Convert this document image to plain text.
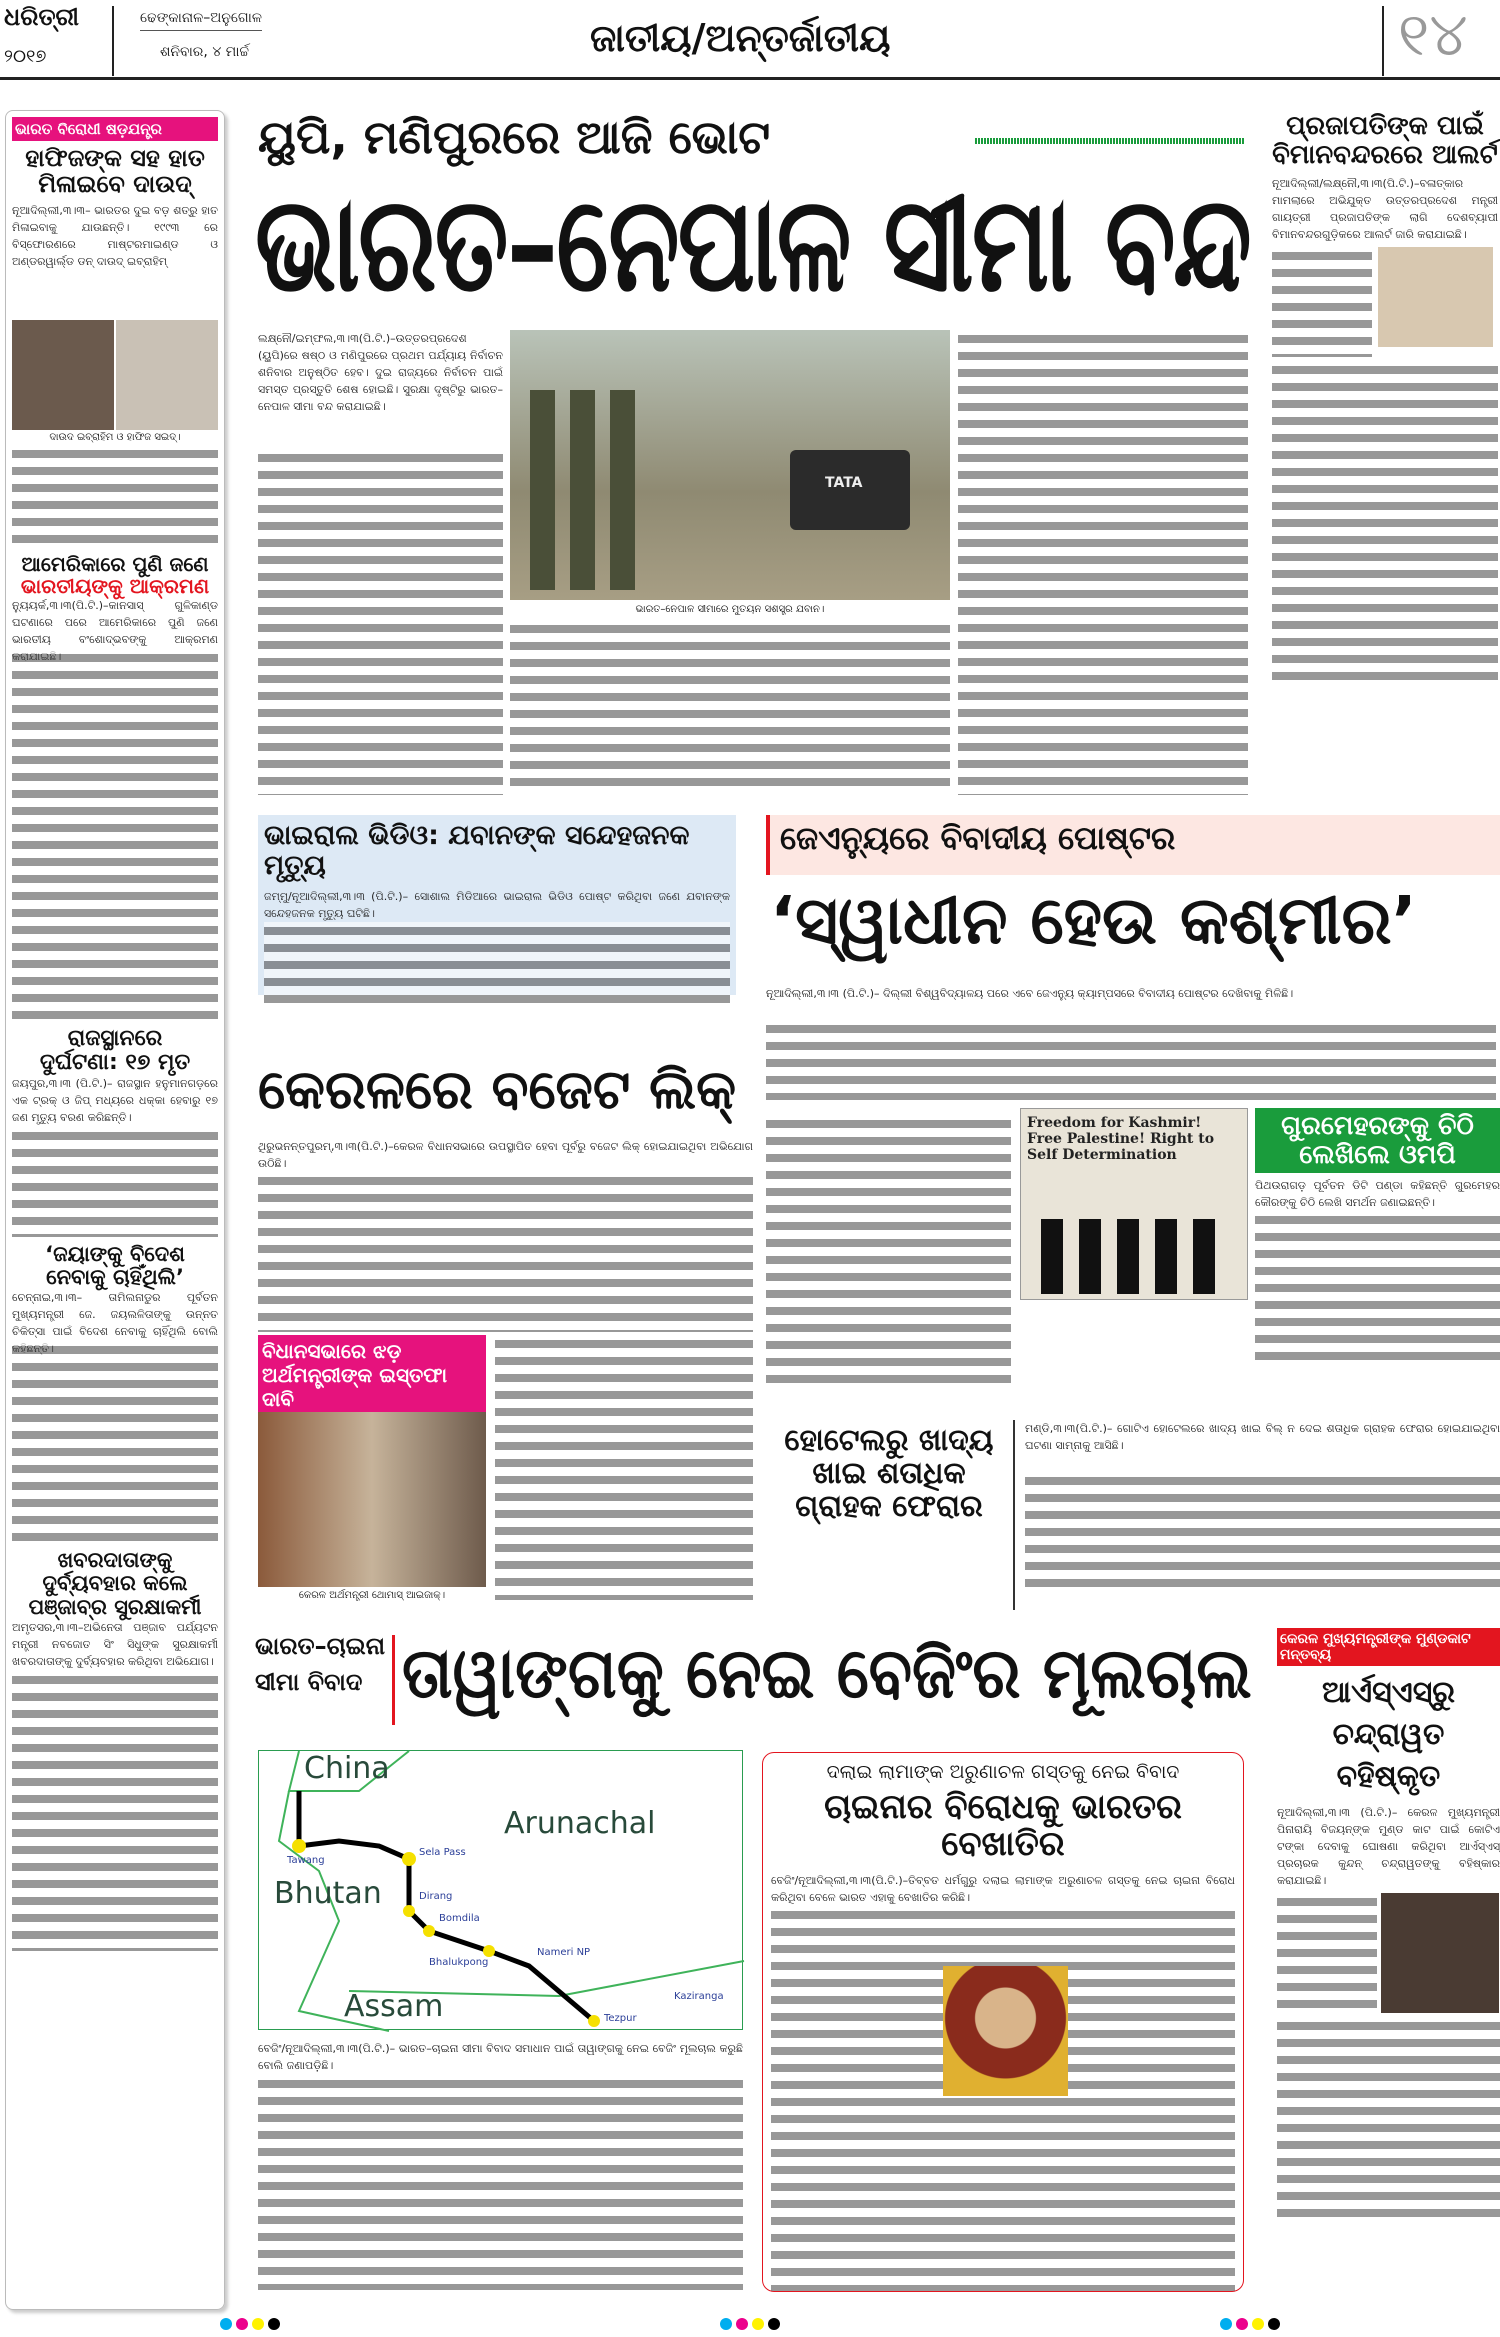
ଧରିତ୍ରୀ
୨୦୧୭
ଢେଙ୍କାନାଳ–ଅନୁଗୋଳ
ଶନିବାର, ୪ ମାର୍ଚ୍ଚ	ଜାତୀୟ/ଅନ୍ତର୍ଜାତୀୟ	୧୪
ଭାରତ ବିରୋଧୀ ଷଡ଼ଯନ୍ତ୍ର
ହାଫିଜଙ୍କ ସହ ହାତ ମିଳାଇବେ ଦାଉଦ୍
ନୂଆଦିଲ୍ଲୀ,୩।୩– ଭାରତର ଦୁଇ ବଡ଼ ଶତ୍ରୁ ହାତ ମିଳାଇବାକୁ ଯାଉଛନ୍ତି। ୧୯୯୩ ରେ ବିସ୍ଫୋରଣରେ ମାଷ୍ଟରମାଇଣ୍ଡ ଓ ଅଣ୍ଡରୱାର୍ଲ୍ଡ ଡନ୍ ଦାଉଦ୍ ଇବ୍ରାହିମ୍
ଦାଉଦ ଇବ୍ରାହିମ ଓ ହାଫିଜ ସଇଦ୍।
ଆମେରିକାରେ ପୁଣି ଜଣେ
ଭାରତୀୟଙ୍କୁ ଆକ୍ରମଣ
ନ୍ୟୁୟର୍କ,୩।୩(ପି.ଟି.)–କାନସାସ୍ ଗୁଳିକାଣ୍ଡ ଘଟଣାରେ ପରେ ଆମେରିକାରେ ପୁଣି ଜଣେ ଭାରତୀୟ ବଂଶୋଦ୍ଭବଙ୍କୁ ଆକ୍ରମଣ
ରାଜସ୍ଥାନରେ
ଦୁର୍ଘଟଣା: ୧୭ ମୃତ
ଜୟପୁର,୩।୩ (ପି.ଟି.)– ରାଜସ୍ଥାନ ହନୁମାନଗଡ଼ରେ ଏକ ଟ୍ରକ୍ ଓ ଜିପ୍ ମଧ୍ୟରେ ଧକ୍କା ହେବାରୁ ୧୭ ଜଣ ମୃତ୍ୟୁ ବରଣ କରିଛନ୍ତି।
‘ଜୟାଙ୍କୁ ବିଦେଶ ନେବାକୁ ଚାହିଁଥିଲି’
ଚେନ୍ନାଇ,୩।୩– ତାମିଲନାଡୁର ପୂର୍ବତନ ମୁଖ୍ୟମନ୍ତ୍ରୀ ଜେ. ଜୟଲଳିତାଙ୍କୁ ଉନ୍ନତ ଚିକିତ୍ସା ପାଇଁ ବିଦେଶ ନେବାକୁ ଚାହିଁଥିଲି ବୋଲି
ଖବରଦାତାଙ୍କୁ ଦୁର୍ବ୍ୟବହାର କଲେ ପଞ୍ଜାବ୍ର ସୁରକ୍ଷାକର୍ମୀ
ଅମୃତସର,୩।୩–ଅଭିନେତା ପଞ୍ଜାବ ପର୍ଯ୍ୟଟନ ମନ୍ତ୍ରୀ ନବଜୋତ ସିଂ ସିଧୁଙ୍କ ସୁରକ୍ଷାକର୍ମୀ ଖବରଦାତାଙ୍କୁ ଦୁର୍ବ୍ୟବହାର କରିଥିବା ଅଭିଯୋଗ।
ୟୁପି, ମଣିପୁରରେ ଆଜି ଭୋଟ
ଭାରତ–ନେପାଳ ସୀମା ବନ୍ଦ
ଲକ୍ଷ୍ନୌ/ଇମ୍ଫଲ,୩।୩(ପି.ଟି.)–ଉତ୍ତରପ୍ରଦେଶ (ୟୁପି)ରେ ଷଷ୍ଠ ଓ ମଣିପୁରରେ ପ୍ରଥମ ପର୍ଯ୍ୟାୟ ନିର୍ବାଚନ ଶନିବାର ଅନୁଷ୍ଠିତ ହେବ। ଦୁଇ ରାଜ୍ୟରେ ନିର୍ବାଚନ ପାଇଁ ସମସ୍ତ ପ୍ରସ୍ତୁତି ଶେଷ ହୋଇଛି। ସୁରକ୍ଷା ଦୃଷ୍ଟିରୁ ଭାରତ–ନେପାଳ ସୀମା ବନ୍ଦ କରାଯାଇଛି।
TATA
ଭାରତ–ନେପାଳ ସୀମାରେ ମୁତୟନ ସଶସ୍ତ୍ର ଯବାନ।
ପ୍ରଜାପତିଙ୍କ ପାଇଁ ବିମାନବନ୍ଦରରେ ଆଲର୍ଟ
ନୂଆଦିଲ୍ଲୀ/ଲକ୍ଷ୍ନୌ,୩।୩(ପି.ଟି.)–ବଳାତ୍କାର ମାମଲାରେ ଅଭିଯୁକ୍ତ ଉତ୍ତରପ୍ରଦେଶ ମନ୍ତ୍ରୀ ଗାୟତ୍ରୀ ପ୍ରଜାପତିଙ୍କ ଲାଗି ଦେଶବ୍ୟାପୀ ବିମାନବନ୍ଦରଗୁଡ଼ିକରେ ଆଲର୍ଟ ଜାରି କରାଯାଇଛି।
ଭାଇରାଲ ଭିଡିଓ: ଯବାନଙ୍କ ସନ୍ଦେହଜନକ ମୃତ୍ୟୁ
ଜମ୍ମୁ/ନୂଆଦିଲ୍ଲୀ,୩।୩ (ପି.ଟି.)– ସୋଶାଲ ମିଡିଆରେ ଭାଇରାଲ ଭିଡିଓ ପୋଷ୍ଟ କରିଥିବା ଜଣେ ଯବାନଙ୍କ ସନ୍ଦେହଜନକ ମୃତ୍ୟୁ ଘଟିଛି।
ଜେଏନ୍ୟୁରେ ବିବାଦୀୟ ପୋଷ୍ଟର
‘ସ୍ୱାଧୀନ ହେଉ କଶ୍ମୀର’
ନୂଆଦିଲ୍ଲୀ,୩।୩ (ପି.ଟି.)– ଦିଲ୍ଲୀ ବିଶ୍ୱବିଦ୍ୟାଳୟ ପରେ ଏବେ ଜେଏନ୍ୟୁ କ୍ୟାମ୍ପସରେ ବିବାଦୀୟ ପୋଷ୍ଟର ଦେଖିବାକୁ ମିଳିଛି।
କେରଳରେ ବଜେଟ ଲିକ୍
ଥିରୁଭନନ୍ତପୁରମ୍,୩।୩(ପି.ଟି.)–କେରଳ ବିଧାନସଭାରେ ଉପସ୍ଥାପିତ ହେବା ପୂର୍ବରୁ ବଜେଟ ଲିକ୍ ହୋଇଯାଇଥିବା ଅଭିଯୋଗ ଉଠିଛି।
ବିଧାନସଭାରେ ଝଡ଼ ଅର୍ଥମନ୍ତ୍ରୀଙ୍କ ଇସ୍ତଫା ଦାବି
କେରଳ ଅର୍ଥମନ୍ତ୍ରୀ ଥୋମାସ୍ ଆଇଜାକ୍।
Freedom for Kashmir! Free Palestine! Right to Self Determination
ଗୁରମେହରଙ୍କୁ ଚିଠି ଲେଖିଲେ ଓମପି
ପିଥଉରାଗଡ଼ ପୂର୍ବତନ ଡିଟି ପଣ୍ଡା କହିଛନ୍ତି ଗୁରମେହର କୌରଙ୍କୁ ଚିଠି ଲେଖି ସମର୍ଥନ ଜଣାଇଛନ୍ତି।
ହୋଟେଲରୁ ଖାଦ୍ୟ ଖାଇ ଶତାଧିକ ଗ୍ରାହକ ଫେରାର
ମଣ୍ଡି,୩।୩(ପି.ଟି.)– ଗୋଟିଏ ହୋଟେଲରେ ଖାଦ୍ୟ ଖାଇ ବିଲ୍ ନ ଦେଇ ଶତାଧିକ ଗ୍ରାହକ ଫେରାର ହୋଇଯାଇଥିବା ଘଟଣା ସାମ୍ନାକୁ ଆସିଛି।
ଭାରତ–ଚାଇନା ସୀମା ବିବାଦ ତାୱାଙ୍ଗକୁ ନେଇ ବେଜିଂର ମୂଲଚାଲ
China
Arunachal
Bhutan
Assam
Tawang
Sela Pass
Dirang
Bomdila
Bhalukpong
Nameri NP
Tezpur
Kaziranga
ବେଜିଂ/ନୂଆଦିଲ୍ଲୀ,୩।୩(ପି.ଟି.)– ଭାରତ–ଚାଇନା ସୀମା ବିବାଦ ସମାଧାନ ପାଇଁ ତାୱାଙ୍ଗକୁ ନେଇ ବେଜିଂ ମୂଲଚାଲ କରୁଛି ବୋଲି ଜଣାପଡ଼ିଛି।
ଦଲାଇ ଲାମାଙ୍କ ଅରୁଣାଚଳ ଗସ୍ତକୁ ନେଇ ବିବାଦ
ଚାଇନାର ବିରୋଧକୁ ଭାରତର ବେଖାତିର
ବେଜିଂ/ନୂଆଦିଲ୍ଲୀ,୩।୩(ପି.ଟି.)–ତିବ୍ବତ ଧର୍ମଗୁରୁ ଦଲାଇ ଲାମାଙ୍କ ଅରୁଣାଚଳ ଗସ୍ତକୁ ନେଇ ଚାଇନା ବିରୋଧ କରିଥିବା ବେଳେ ଭାରତ ଏହାକୁ ବେଖାତିର କରିଛି।
କେରଳ ମୁଖ୍ୟମନ୍ତ୍ରୀଙ୍କ ମୁଣ୍ଡକାଟ ମନ୍ତବ୍ୟ
ଆର୍ଏସ୍ଏସ୍ରୁ ଚନ୍ଦ୍ରାୱତ ବହିଷ୍କୃତ
ନୂଆଦିଲ୍ଲୀ,୩।୩ (ପି.ଟି.)– କେରଳ ମୁଖ୍ୟମନ୍ତ୍ରୀ ପିନାରାୟି ବିଜୟନ୍ଙ୍କ ମୁଣ୍ଡ କାଟ ପାଇଁ କୋଟିଏ ଟଙ୍କା ଦେବାକୁ ଘୋଷଣା କରିଥିବା ଆର୍ଏସ୍ଏସ୍ ପ୍ରଚାରକ କୁନ୍ଦନ୍ ଚନ୍ଦ୍ରାୱତଙ୍କୁ ବହିଷ୍କାର କରାଯାଇଛି।
